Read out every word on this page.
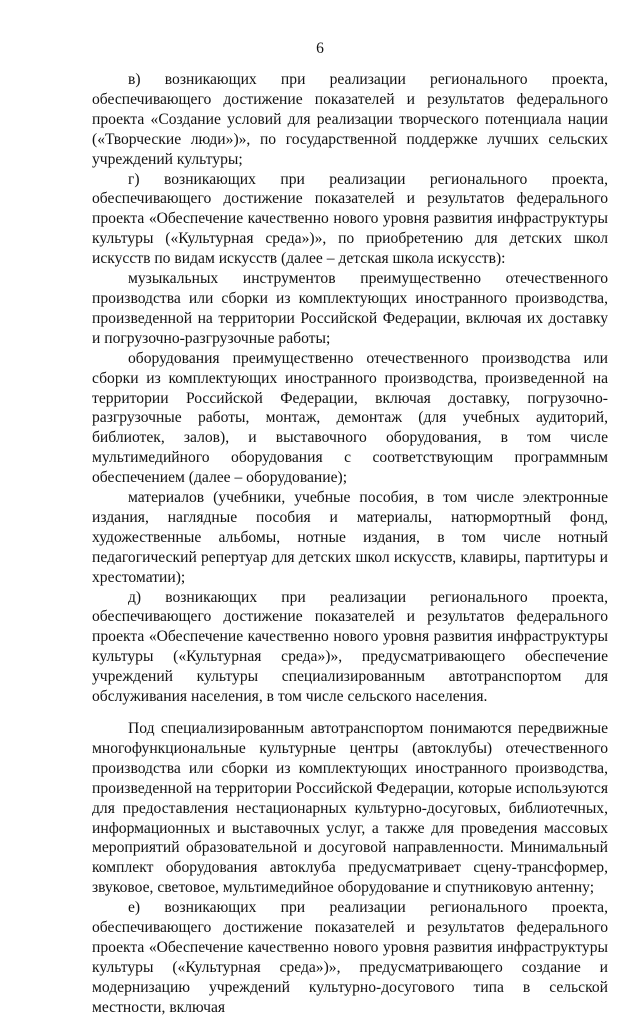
6

в) возникающих при реализации регионального проекта, обеспечивающего достижение показателей и результатов федерального проекта «Создание условий для реализации творческого потенциала нации («Творческие люди»)», по государственной поддержке лучших сельских учреждений культуры;

г) возникающих при реализации регионального проекта, обеспечивающего достижение показателей и результатов федерального проекта «Обеспечение качественно нового уровня развития инфраструктуры культуры («Культурная среда»)», по приобретению для детских школ искусств по видам искусств (далее – детская школа искусств):

музыкальных инструментов преимущественно отечественного производства или сборки из комплектующих иностранного производства, произведенной на территории Российской Федерации, включая их доставку и погрузочно-разгрузочные работы;

оборудования преимущественно отечественного производства или сборки из комплектующих иностранного производства, произведенной на территории Российской Федерации, включая доставку, погрузочно-разгрузочные работы, монтаж, демонтаж (для учебных аудиторий, библиотек, залов), и выставочного оборудования, в том числе мультимедийного оборудования с соответствующим программным обеспечением (далее – оборудование);

материалов (учебники, учебные пособия, в том числе электронные издания, наглядные пособия и материалы, натюрмортный фонд, художественные альбомы, нотные издания, в том числе нотный педагогический репертуар для детских школ искусств, клавиры, партитуры и хрестоматии);

д) возникающих при реализации регионального проекта, обеспечивающего достижение показателей и результатов федерального проекта «Обеспечение качественно нового уровня развития инфраструктуры культуры («Культурная среда»)», предусматривающего обеспечение учреждений культуры специализированным автотранспортом для обслуживания населения, в том числе сельского населения.

Под специализированным автотранспортом понимаются передвижные многофункциональные культурные центры (автоклубы) отечественного производства или сборки из комплектующих иностранного производства, произведенной на территории Российской Федерации, которые используются для предоставления нестационарных культурно-досуговых, библиотечных, информационных и выставочных услуг, а также для проведения массовых мероприятий образовательной и досуговой направленности. Минимальный комплект оборудования автоклуба предусматривает сцену-трансформер, звуковое, световое, мультимедийное оборудование и спутниковую антенну;

е) возникающих при реализации регионального проекта, обеспечивающего достижение показателей и результатов федерального проекта «Обеспечение качественно нового уровня развития инфраструктуры культуры («Культурная среда»)», предусматривающего создание и модернизацию учреждений культурно-досугового типа в сельской местности, включая
